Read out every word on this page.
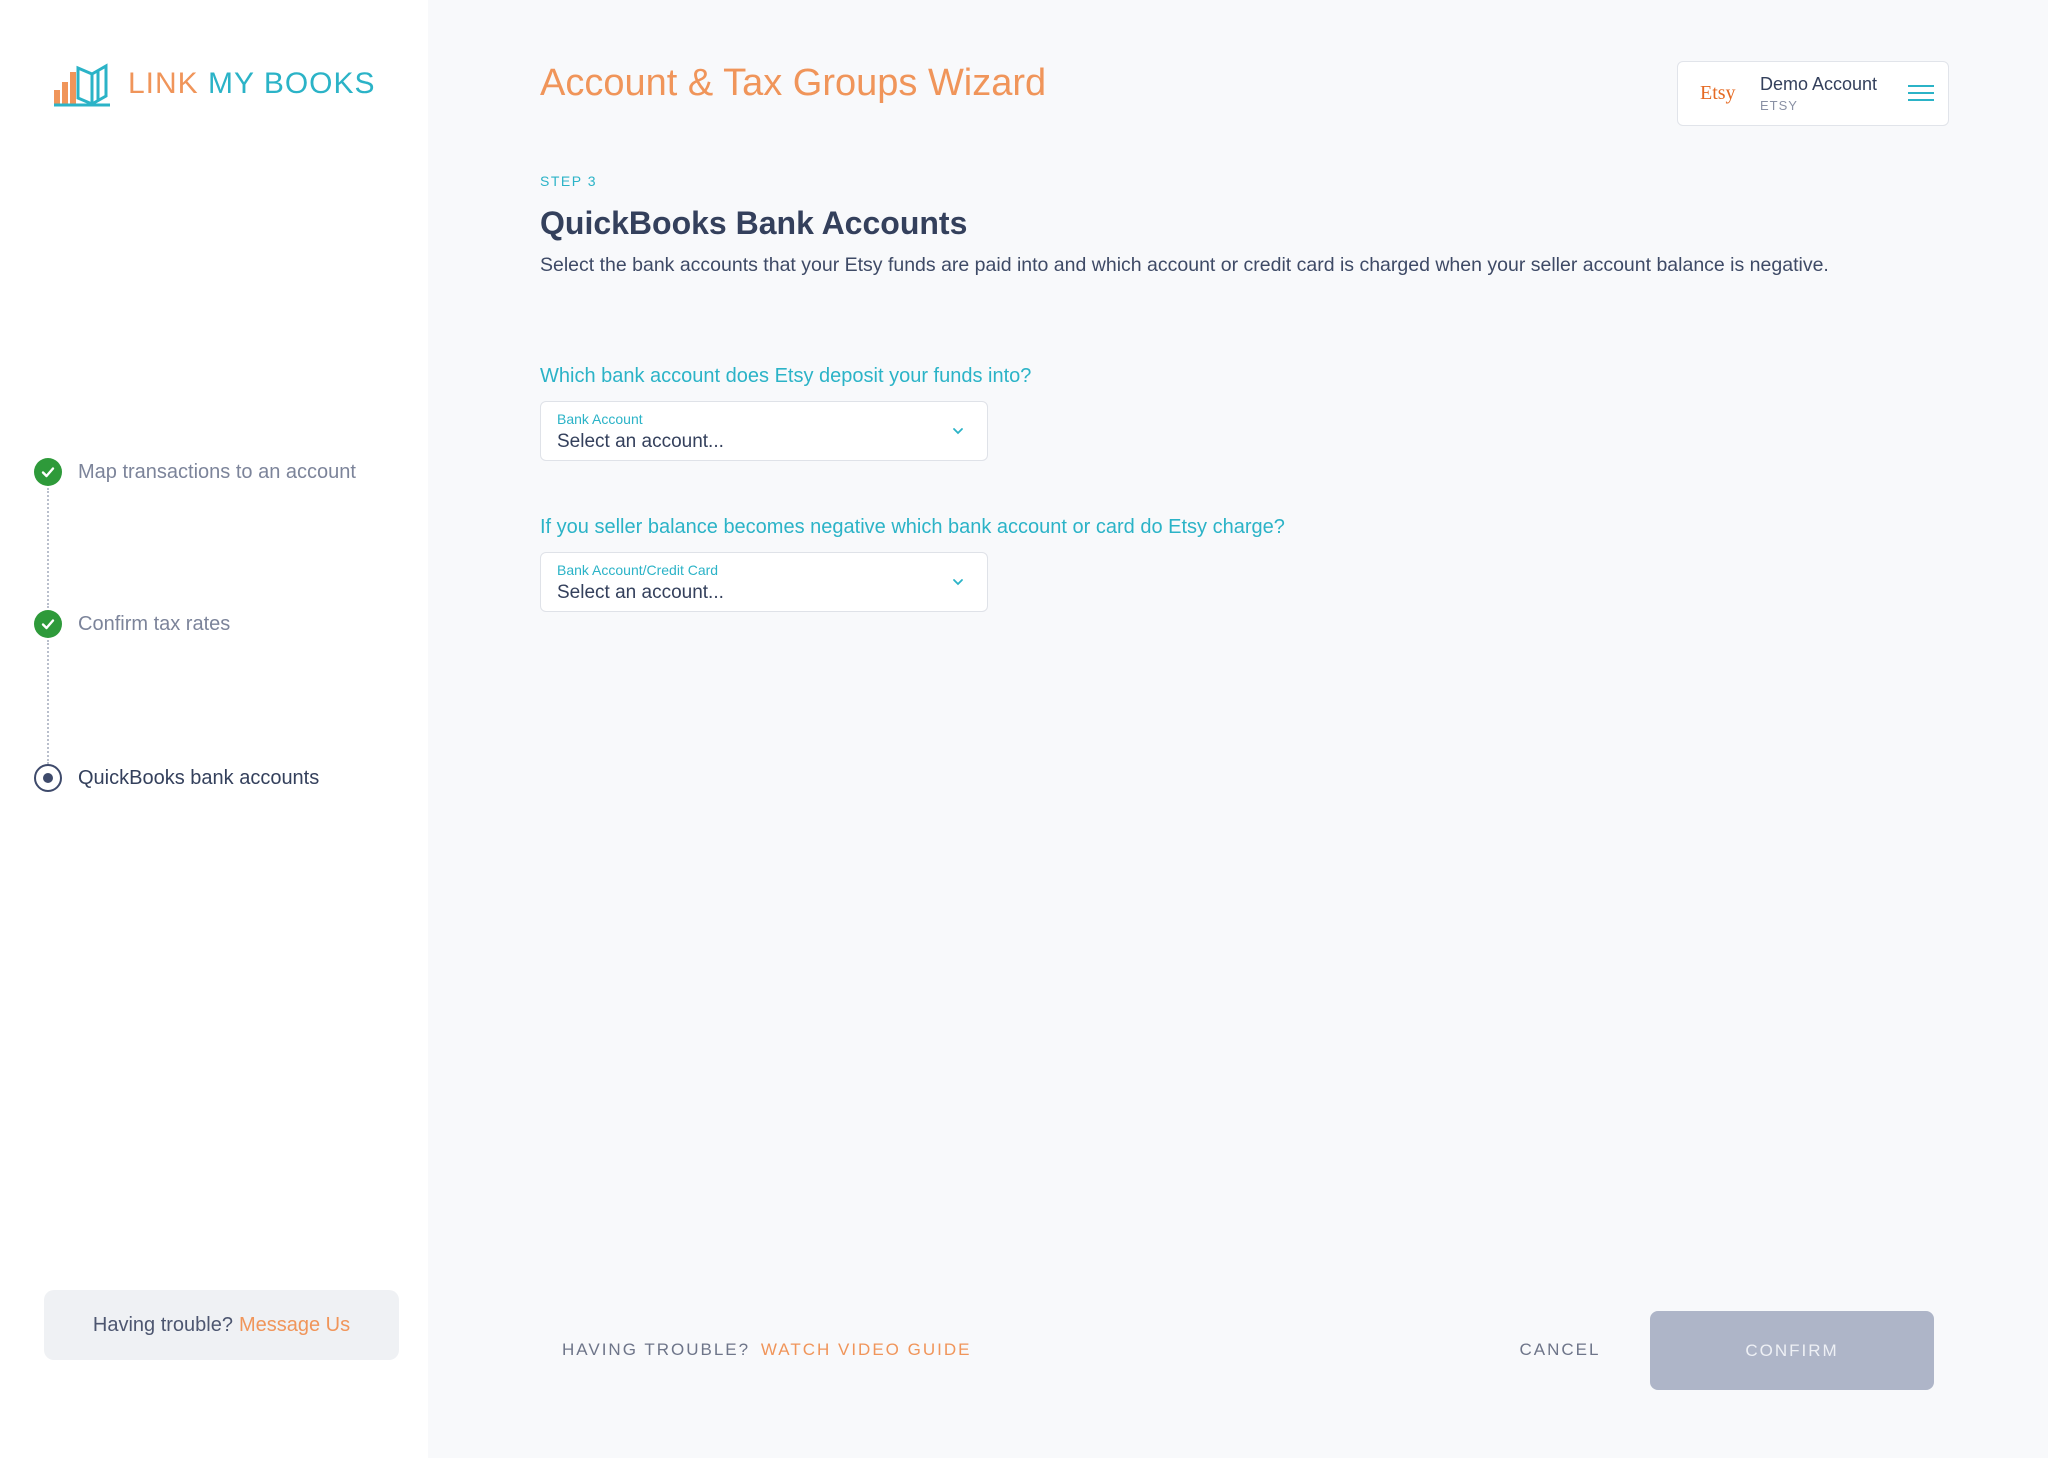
LINK MY BOOKS
Map transactions to an account
Confirm tax rates
QuickBooks bank accounts
Having trouble? Message Us
Account & Tax Groups Wizard	Etsy	Demo Account
ETSY
STEP 3
QuickBooks Bank Accounts

Select the bank accounts that your Etsy funds are paid into and which account or credit card is charged when your seller account balance is negative.

Which bank account does Etsy deposit your funds into?
Bank Account
Select an account...
If you seller balance becomes negative which bank account or card do Etsy charge?
Bank Account/Credit Card
Select an account...
HAVING TROUBLE? WATCH VIDEO GUIDE	CANCEL	CONFIRM
